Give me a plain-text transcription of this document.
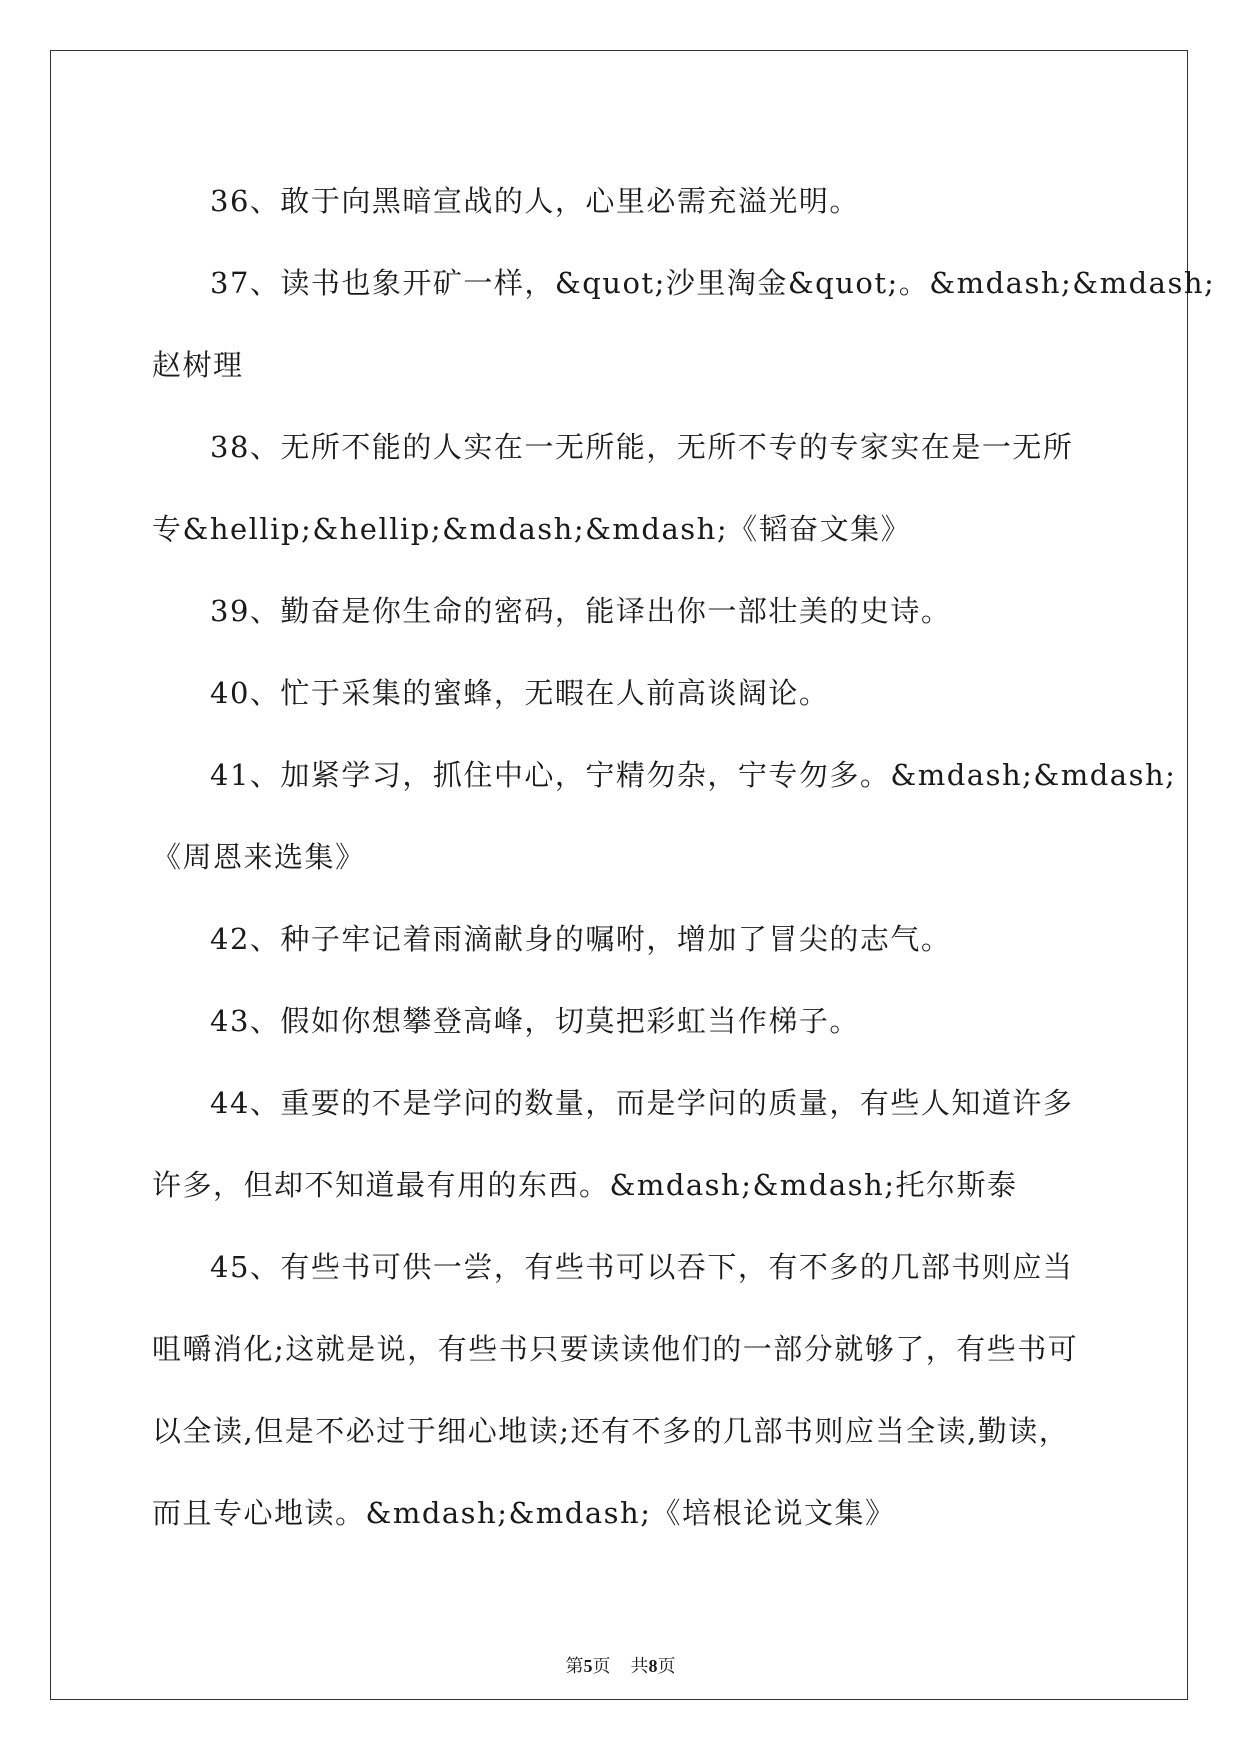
36、敢于向黑暗宣战的人，心里必需充溢光明。
37、读书也象开矿一样，&quot;沙里淘金&quot;。&mdash;&mdash;
赵树理
38、无所不能的人实在一无所能，无所不专的专家实在是一无所
专&hellip;&hellip;&mdash;&mdash;《韬奋文集》
39、勤奋是你生命的密码，能译出你一部壮美的史诗。
40、忙于采集的蜜蜂，无暇在人前高谈阔论。
41、加紧学习，抓住中心，宁精勿杂，宁专勿多。&mdash;&mdash;
《周恩来选集》
42、种子牢记着雨滴献身的嘱咐，增加了冒尖的志气。
43、假如你想攀登高峰，切莫把彩虹当作梯子。
44、重要的不是学问的数量，而是学问的质量，有些人知道许多
许多，但却不知道最有用的东西。&mdash;&mdash;托尔斯泰
45、有些书可供一尝，有些书可以吞下，有不多的几部书则应当
咀嚼消化;这就是说，有些书只要读读他们的一部分就够了，有些书可
以全读,但是不必过于细心地读;还有不多的几部书则应当全读,勤读，
而且专心地读。&mdash;&mdash;《培根论说文集》
第5页 共8页
